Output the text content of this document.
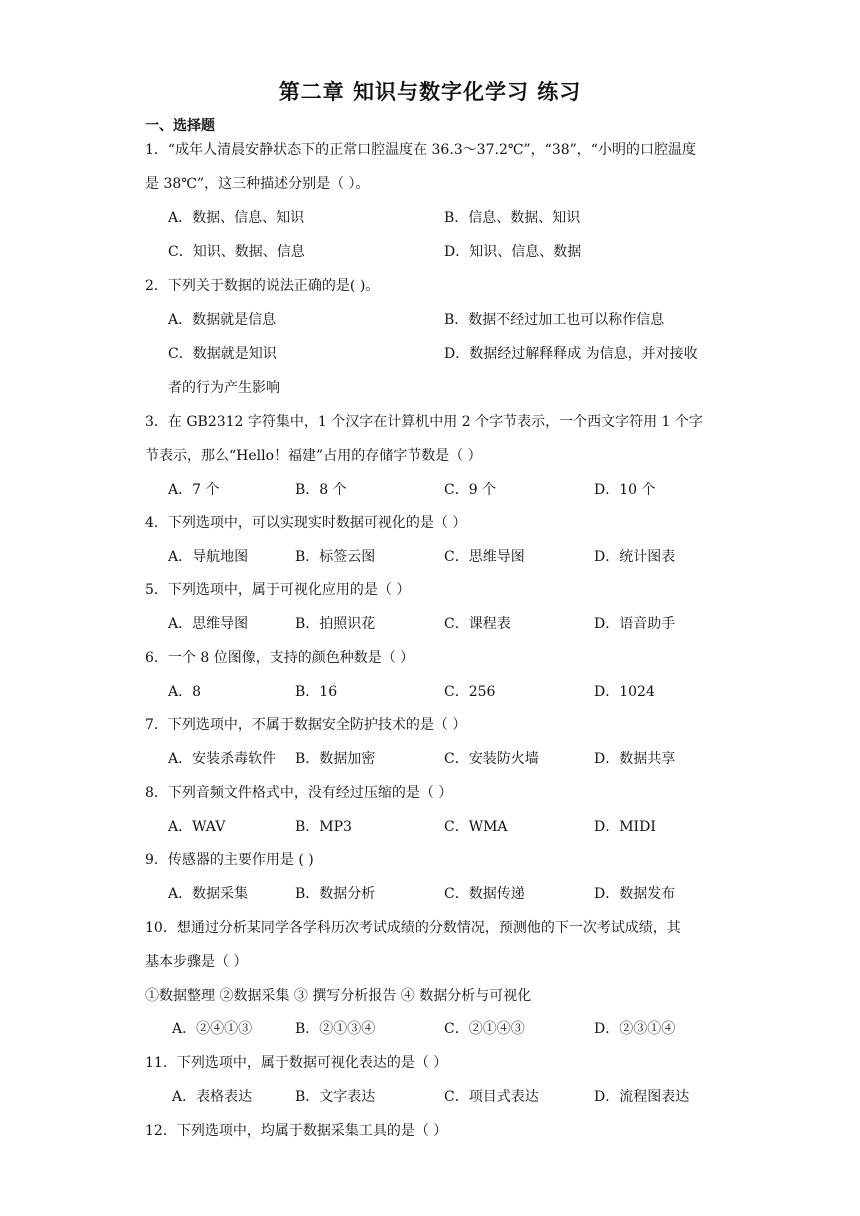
第二章 知识与数字化学习 练习
一、选择题
1．“成年人清晨安静状态下的正常口腔温度在 36.3～37.2℃”，“38”，“小明的口腔温度
是 38℃”，这三种描述分别是（ ）。
A．数据、信息、知识	B．信息、数据、知识
C．知识、数据、信息	D．知识、信息、数据
2．下列关于数据的说法正确的是( )。
A．数据就是信息	B．数据不经过加工也可以称作信息
C．数据就是知识	D．数据经过解释释成 为信息，并对接收
者的行为产生影响
3．在 GB2312 字符集中，1 个汉字在计算机中用 2 个字节表示，一个西文字符用 1 个字
节表示，那么“Hello！福建”占用的存储字节数是（ ）
A．7 个	B．8 个	C．9 个	D．10 个
4．下列选项中，可以实现实时数据可视化的是（ ）
A．导航地图	B．标签云图	C．思维导图	D．统计图表
5．下列选项中，属于可视化应用的是（ ）
A．思维导图	B．拍照识花	C．课程表	D．语音助手
6．一个 8 位图像，支持的颜色种数是（ ）
A．8	B．16	C．256	D．1024
7．下列选项中，不属于数据安全防护技术的是（ ）
A．安装杀毒软件 B．数据加密	C．安装防火墙	D．数据共享
8．下列音频文件格式中，没有经过压缩的是（ ）
A．WAV	B．MP3	C．WMA	D．MIDI
9．传感器的主要作用是 ( )
A．数据采集	B．数据分析	C．数据传递	D．数据发布
10．想通过分析某同学各学科历次考试成绩的分数情况，预测他的下一次考试成绩，其
基本步骤是（ ）
①数据整理 ②数据采集 ③ 撰写分析报告 ④ 数据分析与可视化
A．②④①③	B．②①③④	C．②①④③	D．②③①④
11．下列选项中，属于数据可视化表达的是（ ）
A．表格表达	B．文字表达	C．项目式表达	D．流程图表达
12．下列选项中，均属于数据采集工具的是（ ）
